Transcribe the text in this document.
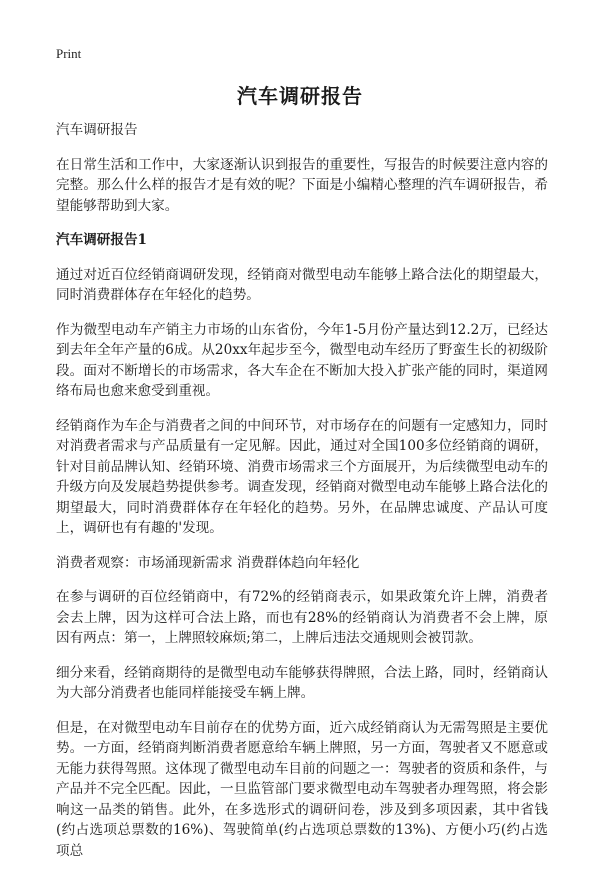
Print
汽车调研报告

汽车调研报告

在日常生活和工作中，大家逐渐认识到报告的重要性，写报告的时候要注意内容的完整。那么什么样的报告才是有效的呢？下面是小编精心整理的汽车调研报告，希望能够帮助到大家。

汽车调研报告1

通过对近百位经销商调研发现，经销商对微型电动车能够上路合法化的期望最大，同时消费群体存在年轻化的趋势。

作为微型电动车产销主力市场的山东省份，今年1-5月份产量达到12.2万，已经达到去年全年产量的6成。从20xx年起步至今，微型电动车经历了野蛮生长的初级阶段。面对不断增长的市场需求，各大车企在不断加大投入扩张产能的同时，渠道网络布局也愈来愈受到重视。

经销商作为车企与消费者之间的中间环节，对市场存在的问题有一定感知力，同时对消费者需求与产品质量有一定见解。因此，通过对全国100多位经销商的调研，针对目前品牌认知、经销环境、消费市场需求三个方面展开，为后续微型电动车的升级方向及发展趋势提供参考。调查发现，经销商对微型电动车能够上路合法化的期望最大，同时消费群体存在年轻化的趋势。另外，在品牌忠诚度、产品认可度上，调研也有有趣的'发现。

消费者观察：市场涌现新需求 消费群体趋向年轻化

在参与调研的百位经销商中，有72%的经销商表示，如果政策允许上牌，消费者会去上牌，因为这样可合法上路，而也有28%的经销商认为消费者不会上牌，原因有两点：第一，上牌照较麻烦;第二，上牌后违法交通规则会被罚款。

细分来看，经销商期待的是微型电动车能够获得牌照，合法上路，同时，经销商认为大部分消费者也能同样能接受车辆上牌。

但是，在对微型电动车目前存在的优势方面，近六成经销商认为无需驾照是主要优势。一方面，经销商判断消费者愿意给车辆上牌照，另一方面，驾驶者又不愿意或无能力获得驾照。这体现了微型电动车目前的问题之一：驾驶者的资质和条件，与产品并不完全匹配。因此，一旦监管部门要求微型电动车驾驶者办理驾照，将会影响这一品类的销售。此外，在多选形式的调研问卷，涉及到多项因素，其中省钱(约占选项总票数的16%)、驾驶简单(约占选项总票数的13%)、方便小巧(约占选项总
